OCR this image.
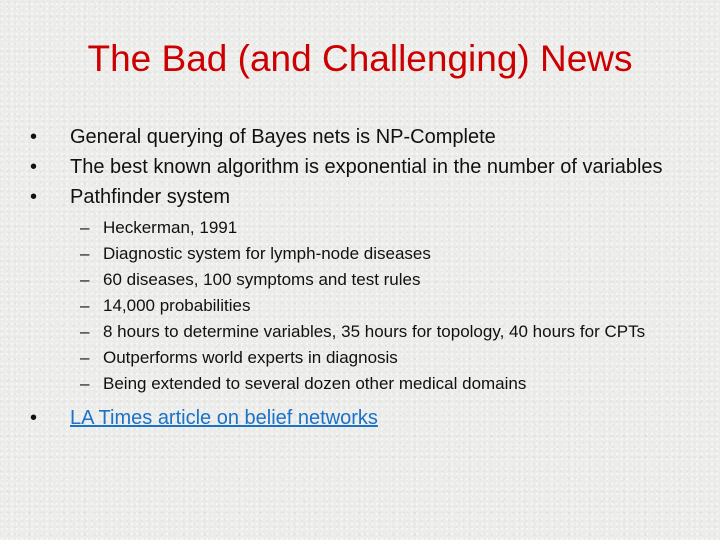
The Bad (and Challenging) News
•	General querying of Bayes nets is NP-Complete
•	The best known algorithm is exponential in the number of variables
•	Pathfinder system
– Heckerman, 1991
– Diagnostic system for lymph-node diseases
– 60 diseases, 100 symptoms and test rules
– 14,000 probabilities
– 8 hours to determine variables, 35 hours for topology, 40 hours for CPTs
– Outperforms world experts in diagnosis
– Being extended to several dozen other medical domains
•	LA Times article on belief networks
